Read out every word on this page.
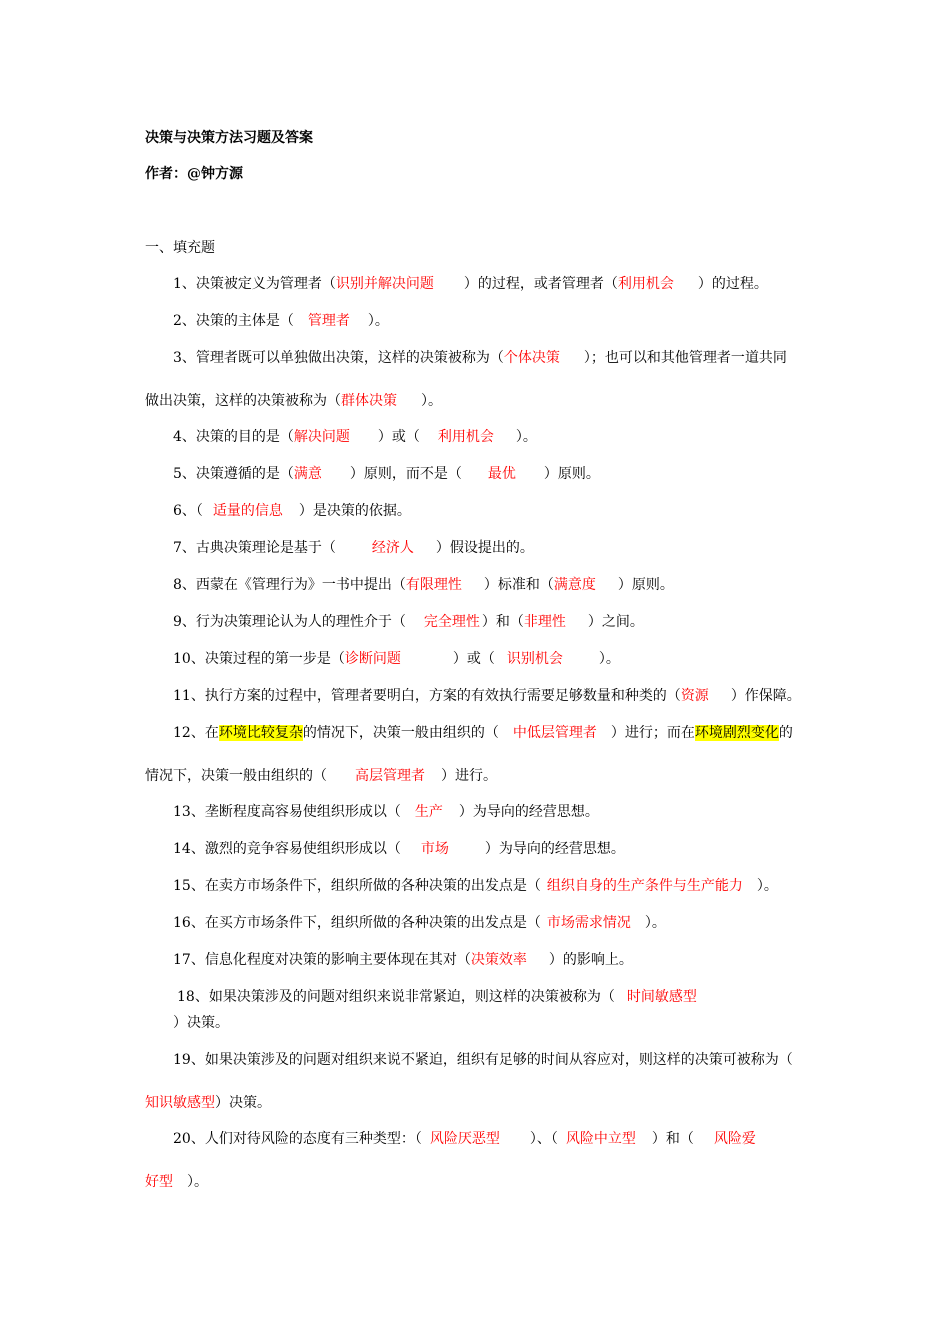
决策与决策方法习题及答案
作者：@钟方源
一、填充题
1、决策被定义为管理者（识别并解决问题 ）的过程，或者管理者（利用机会 ）的过程。
2、决策的主体是（ 管理者 ）。
3、管理者既可以单独做出决策，这样的决策被称为（个体决策 ）；也可以和其他管理者一道共同
做出决策，这样的决策被称为（群体决策 ）。
4、决策的目的是（解决问题 ）或（ 利用机会 ）。
5、决策遵循的是（满意 ）原则，而不是（ 最优 ）原则。
6、（ 适量的信息 ）是决策的依据。
7、古典决策理论是基于（	经济人 ）假设提出的。
8、西蒙在《管理行为》一书中提出（有限理性 ）标准和（满意度 ）原则。
9、行为决策理论认为人的理性介于（ 完全理性 ）和（非理性 ）之间。
10、决策过程的第一步是（诊断问题	）或（ 识别机会	）。
11、执行方案的过程中，管理者要明白，方案的有效执行需要足够数量和种类的（资源 ）作保障。
12、在环境比较复杂的情况下，决策一般由组织的（ 中低层管理者 ）进行；而在环境剧烈变化的
情况下，决策一般由组织的（ 高层管理者 ）进行。
13、垄断程度高容易使组织形成以（ 生产 ）为导向的经营思想。
14、激烈的竞争容易使组织形成以（ 市场	）为导向的经营思想。
15、在卖方市场条件下，组织所做的各种决策的出发点是（ 组织自身的生产条件与生产能力 ）。
16、在买方市场条件下，组织所做的各种决策的出发点是（ 市场需求情况 ）。
17、信息化程度对决策的影响主要体现在其对（决策效率 ）的影响上。
18、如果决策涉及的问题对组织来说非常紧迫，则这样的决策被称为（ 时间敏感型
）决策。
19、如果决策涉及的问题对组织来说不紧迫，组织有足够的时间从容应对，则这样的决策可被称为（
知识敏感型）决策。
20、人们对待风险的态度有三种类型：（ 风险厌恶型 ）、（ 风险中立型 ）和（ 风险爱
好型 ）。
